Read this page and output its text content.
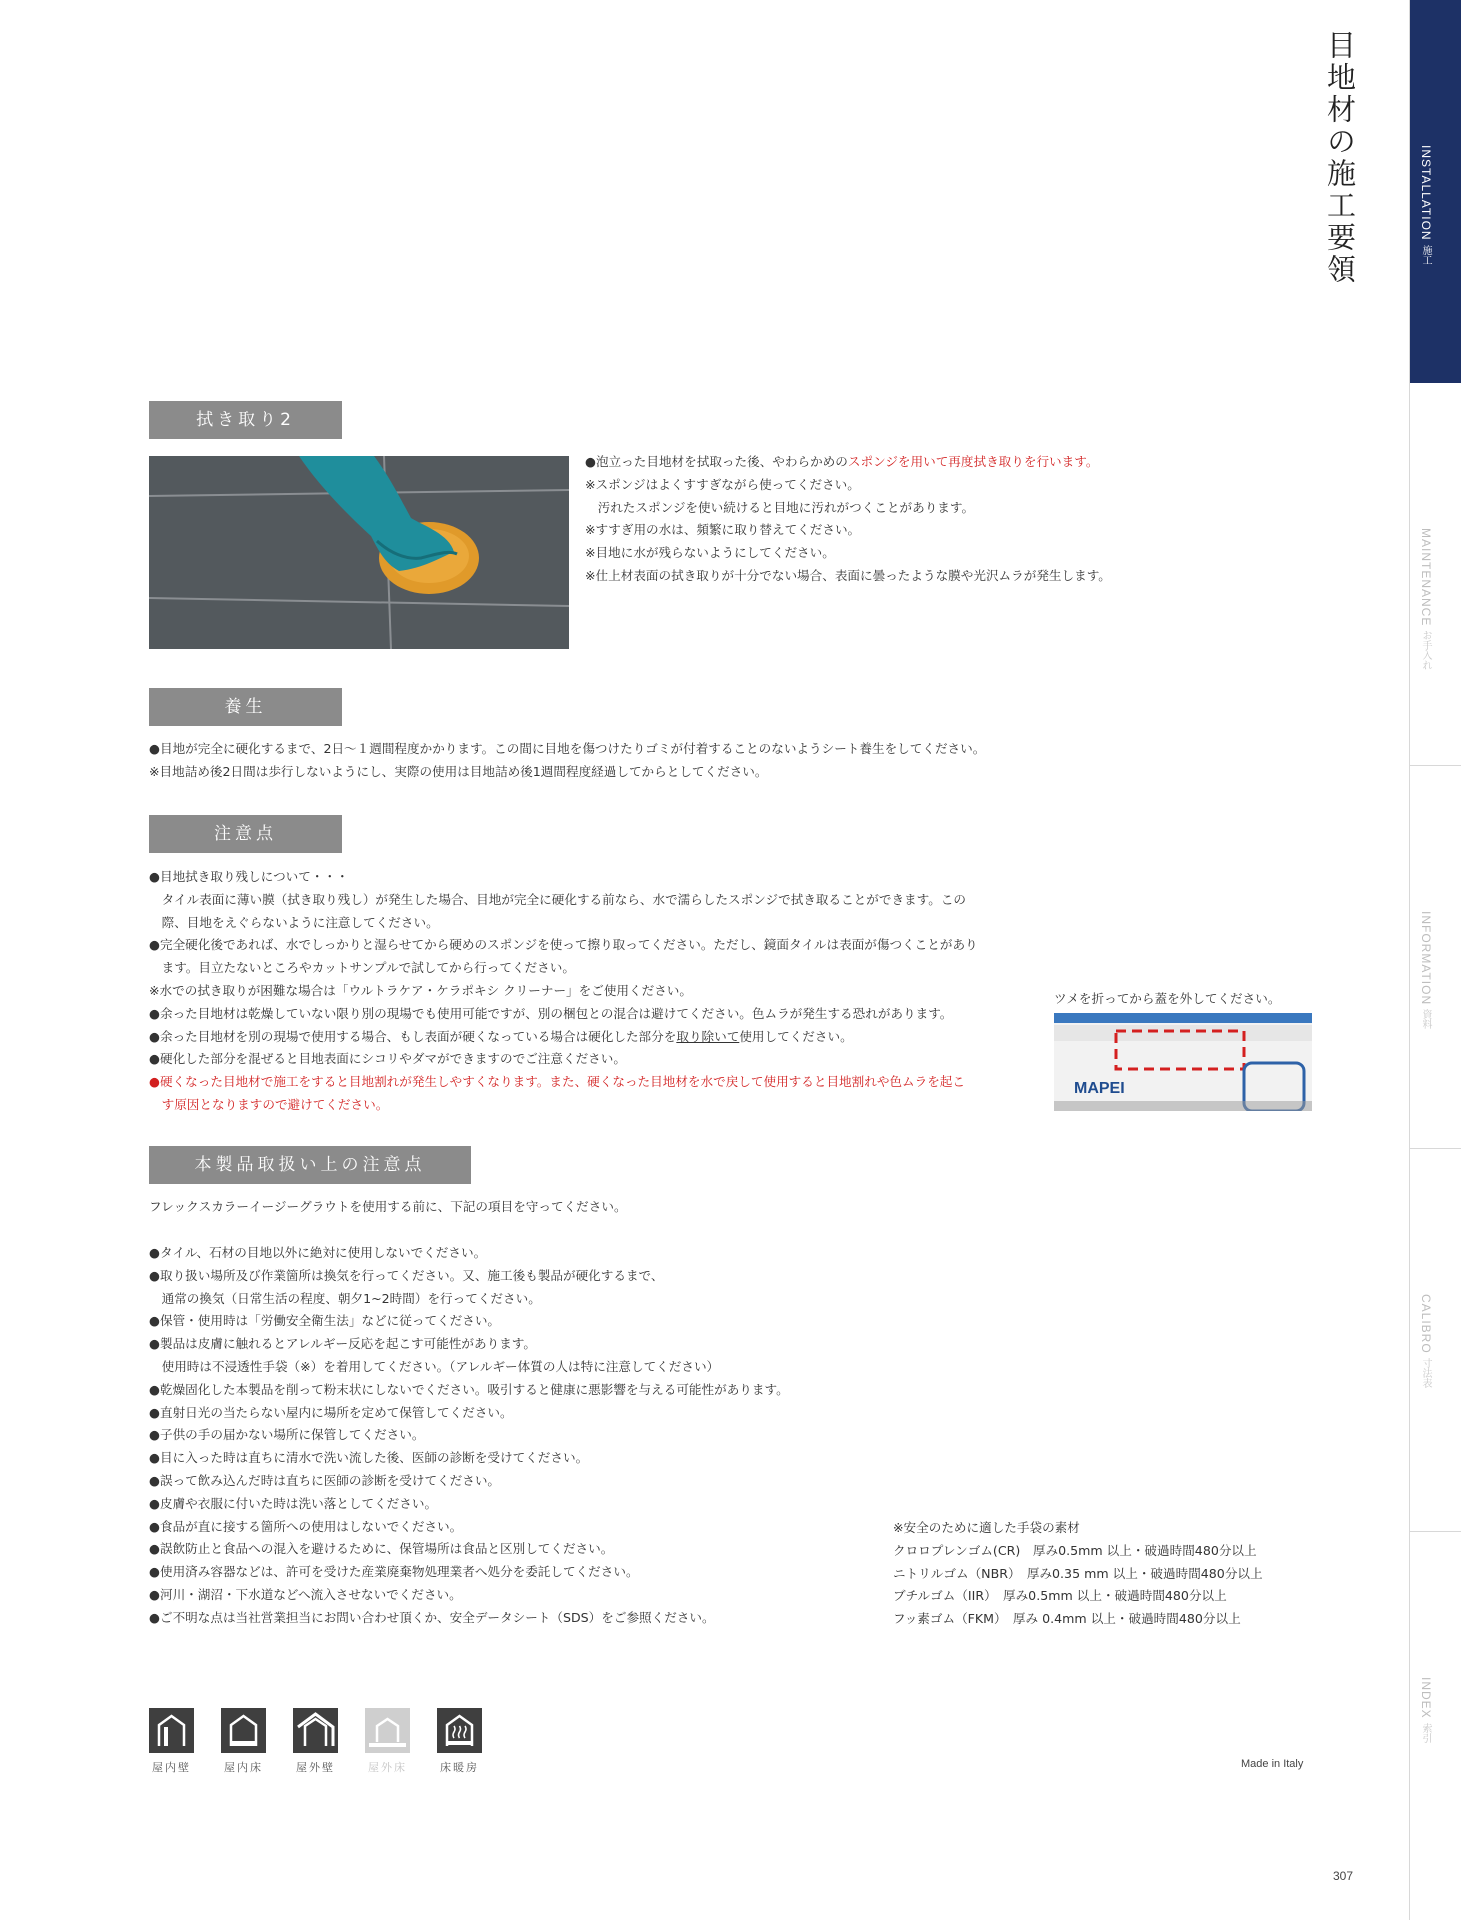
目地材の施工要領	INSTALLATION
施工
MAINTENANCE
お手入れ
INFORMATION
資料
CALIBRO
寸法表
INDEX
索引
拭き取り2
●泡立った目地材を拭取った後、やわらかめのスポンジを用いて再度拭き取りを行います。
※スポンジはよくすすぎながら使ってください。
　汚れたスポンジを使い続けると目地に汚れがつくことがあります。
※すすぎ用の水は、頻繁に取り替えてください。
※目地に水が残らないようにしてください。
※仕上材表面の拭き取りが十分でない場合、表面に曇ったような膜や光沢ムラが発生します。
養生
●目地が完全に硬化するまで、2日～１週間程度かかります。この間に目地を傷つけたりゴミが付着することのないようシート養生をしてください。
※目地詰め後2日間は歩行しないようにし、実際の使用は目地詰め後1週間程度経過してからとしてください。
注意点
●目地拭き取り残しについて・・・
　タイル表面に薄い膜（拭き取り残し）が発生した場合、目地が完全に硬化する前なら、水で濡らしたスポンジで拭き取ることができます。この
　際、目地をえぐらないように注意してください。
●完全硬化後であれば、水でしっかりと湿らせてから硬めのスポンジを使って擦り取ってください。ただし、鏡面タイルは表面が傷つくことがあり
　ます。目立たないところやカットサンプルで試してから行ってください。
※水での拭き取りが困難な場合は「ウルトラケア・ケラポキシ クリーナー」をご使用ください。
●余った目地材は乾燥していない限り別の現場でも使用可能ですが、別の梱包との混合は避けてください。色ムラが発生する恐れがあります。
●余った目地材を別の現場で使用する場合、もし表面が硬くなっている場合は硬化した部分を取り除いて使用してください。
●硬化した部分を混ぜると目地表面にシコリやダマができますのでご注意ください。
●硬くなった目地材で施工をすると目地割れが発生しやすくなります。また、硬くなった目地材を水で戻して使用すると目地割れや色ムラを起こ
　す原因となりますので避けてください。
ツメを折ってから蓋を外してください。
MAPEI
本製品取扱い上の注意点
フレックスカラーイージーグラウトを使用する前に、下記の項目を守ってください。
●タイル、石材の目地以外に絶対に使用しないでください。
●取り扱い場所及び作業箇所は換気を行ってください。又、施工後も製品が硬化するまで、
　通常の換気（日常生活の程度、朝夕1~2時間）を行ってください。
●保管・使用時は「労働安全衛生法」などに従ってください。
●製品は皮膚に触れるとアレルギー反応を起こす可能性があります。
　使用時は不浸透性手袋（※）を着用してください。（アレルギー体質の人は特に注意してください）
●乾燥固化した本製品を削って粉末状にしないでください。吸引すると健康に悪影響を与える可能性があります。
●直射日光の当たらない屋内に場所を定めて保管してください。
●子供の手の届かない場所に保管してください。
●目に入った時は直ちに清水で洗い流した後、医師の診断を受けてください。
●誤って飲み込んだ時は直ちに医師の診断を受けてください。
●皮膚や衣服に付いた時は洗い落としてください。
●食品が直に接する箇所への使用はしないでください。
●誤飲防止と食品への混入を避けるために、保管場所は食品と区別してください。
●使用済み容器などは、許可を受けた産業廃棄物処理業者へ処分を委託してください。
●河川・湖沼・下水道などへ流入させないでください。
●ご不明な点は当社営業担当にお問い合わせ頂くか、安全データシート（SDS）をご参照ください。
※安全のために適した手袋の素材
クロロプレンゴム(CR)　厚み0.5mm 以上・破過時間480分以上
ニトリルゴム（NBR）　厚み0.35 mm 以上・破過時間480分以上
ブチルゴム（IIR）　厚み0.5mm 以上・破過時間480分以上
フッ素ゴム（FKM）　厚み 0.4mm 以上・破過時間480分以上
屋内壁	屋内床	屋外壁	屋外床	床暖房	Made in Italy
307
